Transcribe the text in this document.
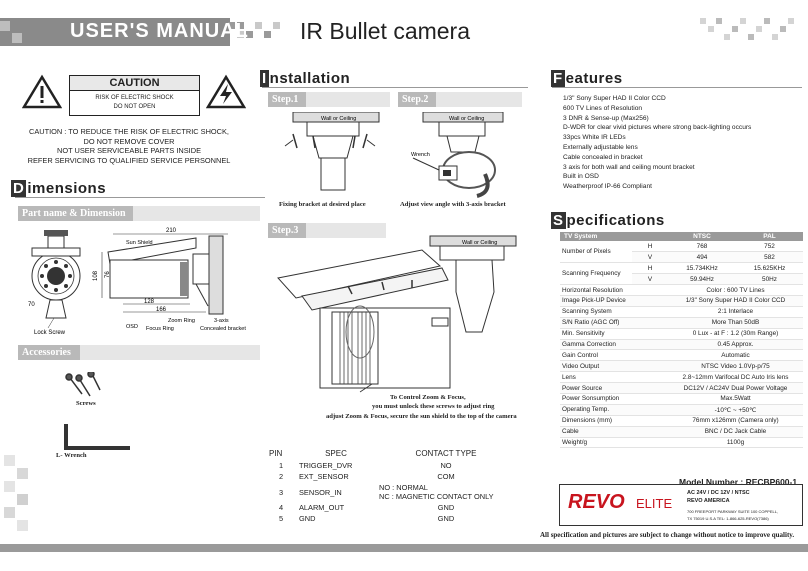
USER'S MANUAL IR Bullet camera
CAUTION
RISK OF ELECTRIC SHOCK
DO NOT OPEN
CAUTION : TO REDUCE THE RISK OF ELECTRIC SHOCK,
DO NOT REMOVE COVER
NOT USER SERVICEABLE PARTS INSIDE
REFER SERVICING TO QUALIFIED SERVICE PERSONNEL
D imensions
Part name & Dimension
70
Lock Screw
210
Sun Shield
108 76
128
166
Zoom Ring
Focus Ring
OSD
3-axis
Concealed bracket
Accessories
Screws
L- Wrench
I nstallation
Step.1	Step.2
Wall or Ceiling
Fixing bracket at desired place
Wall or Ceiling
Wrench
Adjust view angle with 3-axis bracket
Step.3
Wall or Ceiling
To Control Zoom & Focus,
you must unlock these screws to adjust ring
adjust Zoom & Focus, secure the sun shield to the top of the camera
PIN	SPEC	CONTACT TYPE
1	TRIGGER_DVR	NO
2	EXT_SENSOR	COM
3	SENSOR_IN	NO : NORMAL
NC : MAGNETIC CONTACT ONLY

4	ALARM_OUT	GND
5	GND	GND
F eatures
1/3" Sony Super HAD II Color CCD
600 TV Lines of Resolution
3 DNR & Sense-up (Max256)
D-WDR for clear vivid pictures where strong back-lighting occurs
33pcs White IR LEDs
Externally adjustable lens
Cable concealed in bracket
3 axis for both wall and ceiling mount bracket
Built in OSD
Weatherproof IP-66 Compliant
S pecifications
TV System		NTSC	PAL
Number of Pixels	H	768	752
	V	494	582
Scanning Frequency	H	15.734KHz	15.625KHz
	V	59.94Hz	50Hz
Horizontal Resolution		Color : 600 TV Lines	
Image Pick-UP Device		1/3" Sony Super HAD II Color CCD	
Scanning System		2:1 Interlace	
S/N Ratio (AGC Off)		More Than 50dB	
Min. Sensitivity		0 Lux - at F : 1.2 (30m Range)	
Gamma Correction		0.45 Approx.	
Gain Control		Automatic	
Video Output		NTSC Video 1.0Vp-p/75	
Lens		2.8~12mm Varifocal DC Auto Iris lens	
Power Source		DC12V / AC24V Dual Power Voltage	
Power Sonsumption		Max.5Watt	
Operating Temp.		-10℃ ~ +50℃	
Dimensions (mm)		76mm x126mm (Camera only)	
Cable		BNC / DC Jack Cable	
Weight/g		1100g	
Model Number : RECBP600-1
REVO ELITE
AC 24V / DC 12V / NTSC
REVO AMERICA
700 FREEPORT PARKWAY SUITE 100 COPPELL,
TX 75019 U.S.A TEL: 1-866-625-REVO(7386)
All specification and pictures are subject to change without notice to improve quality.
